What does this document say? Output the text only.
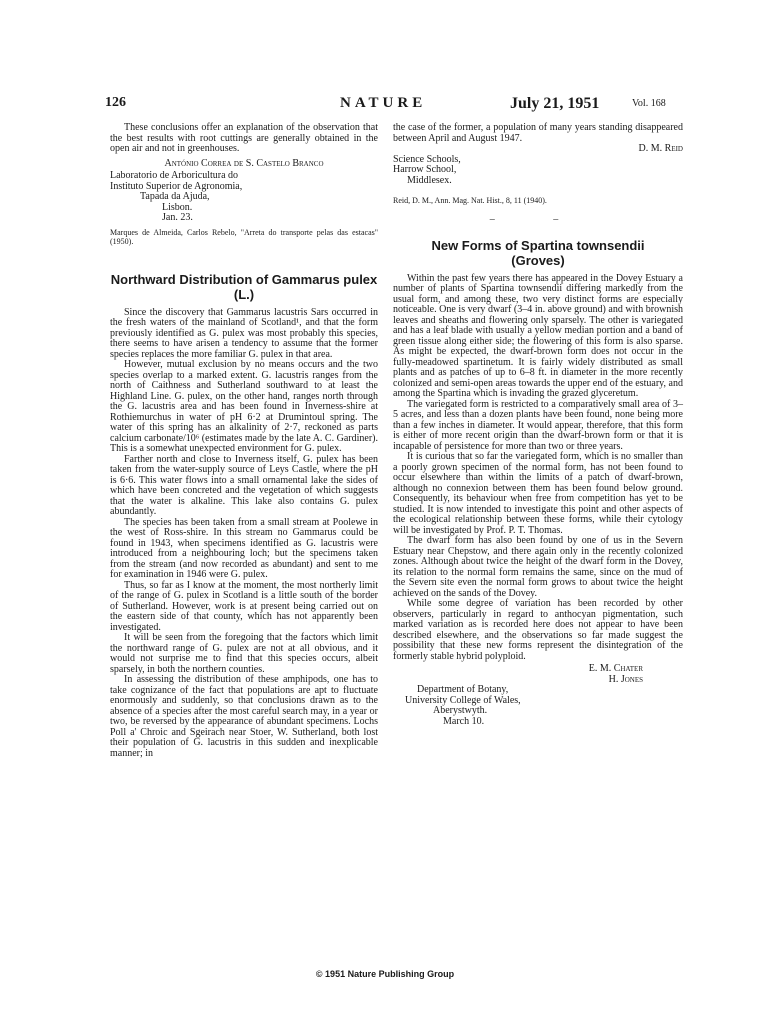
126	NATURE	July 21, 1951	Vol. 168

These conclusions offer an explanation of the observation that the best results with root cuttings are generally obtained in the open air and not in greenhouses.

António Correa de S. Castelo Branco

Laboratorio de Arboricultura do

Instituto Superior de Agronomia,

Tapada da Ajuda,

Lisbon.

Jan. 23.

Marques de Almeida, Carlos Rebelo, "Arreta do transporte pelas das estacas" (1950).

Northward Distribution of Gammarus pulex (L.)

Since the discovery that Gammarus lacustris Sars occurred in the fresh waters of the mainland of Scotland¹, and that the form previously identified as G. pulex was most probably this species, there seems to have arisen a tendency to assume that the former species replaces the more familiar G. pulex in that area.

However, mutual exclusion by no means occurs and the two species overlap to a marked extent. G. lacustris ranges from the north of Caithness and Sutherland southward to at least the Highland Line. G. pulex, on the other hand, ranges north through the G. lacustris area and has been found in Inverness-shire at Rothiemurchus in water of pH 6·2 at Drumintoul spring. The water of this spring has an alkalinity of 2·7, reckoned as parts calcium carbonate/10⁶ (estimates made by the late A. C. Gardiner). This is a somewhat unexpected environment for G. pulex.

Farther north and close to Inverness itself, G. pulex has been taken from the water-supply source of Leys Castle, where the pH is 6·6. This water flows into a small ornamental lake the sides of which have been concreted and the vegetation of which suggests that the water is alkaline. This lake also contains G. pulex abundantly.

The species has been taken from a small stream at Poolewe in the west of Ross-shire. In this stream no Gammarus could be found in 1943, when specimens identified as G. lacustris were introduced from a neighbouring loch; but the specimens taken from the stream (and now recorded as abundant) and sent to me for examination in 1946 were G. pulex.

Thus, so far as I know at the moment, the most northerly limit of the range of G. pulex in Scotland is a little south of the border of Sutherland. However, work is at present being carried out on the eastern side of that county, which has not apparently been investigated.

It will be seen from the foregoing that the factors which limit the northward range of G. pulex are not at all obvious, and it would not surprise me to find that this species occurs, albeit sparsely, in both the northern counties.

In assessing the distribution of these amphipods, one has to take cognizance of the fact that populations are apt to fluctuate enormously and suddenly, so that conclusions drawn as to the absence of a species after the most careful search may, in a year or two, be reversed by the appearance of abundant specimens. Lochs Poll a' Chroic and Sgeirach near Stoer, W. Sutherland, both lost their population of G. lacustris in this sudden and inexplicable manner; in

the case of the former, a population of many years standing disappeared between April and August 1947.

D. M. Reid

Science Schools,

Harrow School,

Middlesex.

Reid, D. M., Ann. Mag. Nat. Hist., 8, 11 (1940).

– –

New Forms of Spartina townsendii
(Groves)

Within the past few years there has appeared in the Dovey Estuary a number of plants of Spartina townsendii differing markedly from the usual form, and among these, two very distinct forms are especially noticeable. One is very dwarf (3–4 in. above ground) and with brownish leaves and sheaths and flowering only sparsely. The other is variegated and has a leaf blade with usually a yellow median portion and a band of green tissue along either side; the flowering of this form is also sparse. As might be expected, the dwarf-brown form does not occur in the fully-meadowed spartinetum. It is fairly widely distributed as small plants and as patches of up to 6–8 ft. in diameter in the more recently colonized and semi-open areas towards the upper end of the estuary, and among the Spartina which is invading the grazed glyceretum.

The variegated form is restricted to a comparatively small area of 3–5 acres, and less than a dozen plants have been found, none being more than a few inches in diameter. It would appear, therefore, that this form is either of more recent origin than the dwarf-brown form or that it is incapable of persistence for more than two or three years.

It is curious that so far the variegated form, which is no smaller than a poorly grown specimen of the normal form, has not been found to occur elsewhere than within the limits of a patch of dwarf-brown, although no connexion between them has been found below ground. Consequently, its behaviour when free from competition has yet to be studied. It is now intended to investigate this point and other aspects of the ecological relationship between these forms, while their cytology will be investigated by Prof. P. T. Thomas.

The dwarf form has also been found by one of us in the Severn Estuary near Chepstow, and there again only in the recently colonized zones. Although about twice the height of the dwarf form in the Dovey, its relation to the normal form remains the same, since on the mud of the Severn site even the normal form grows to about twice the height achieved on the sands of the Dovey.

While some degree of variation has been recorded by other observers, particularly in regard to anthocyan pigmentation, such marked variation as is recorded here does not appear to have been described elsewhere, and the observations so far made suggest the possibility that these new forms represent the disintegration of the formerly stable hybrid polyploid.

E. M. Chater

H. Jones

Department of Botany,

University College of Wales,

Aberystwyth.

March 10.

© 1951 Nature Publishing Group
